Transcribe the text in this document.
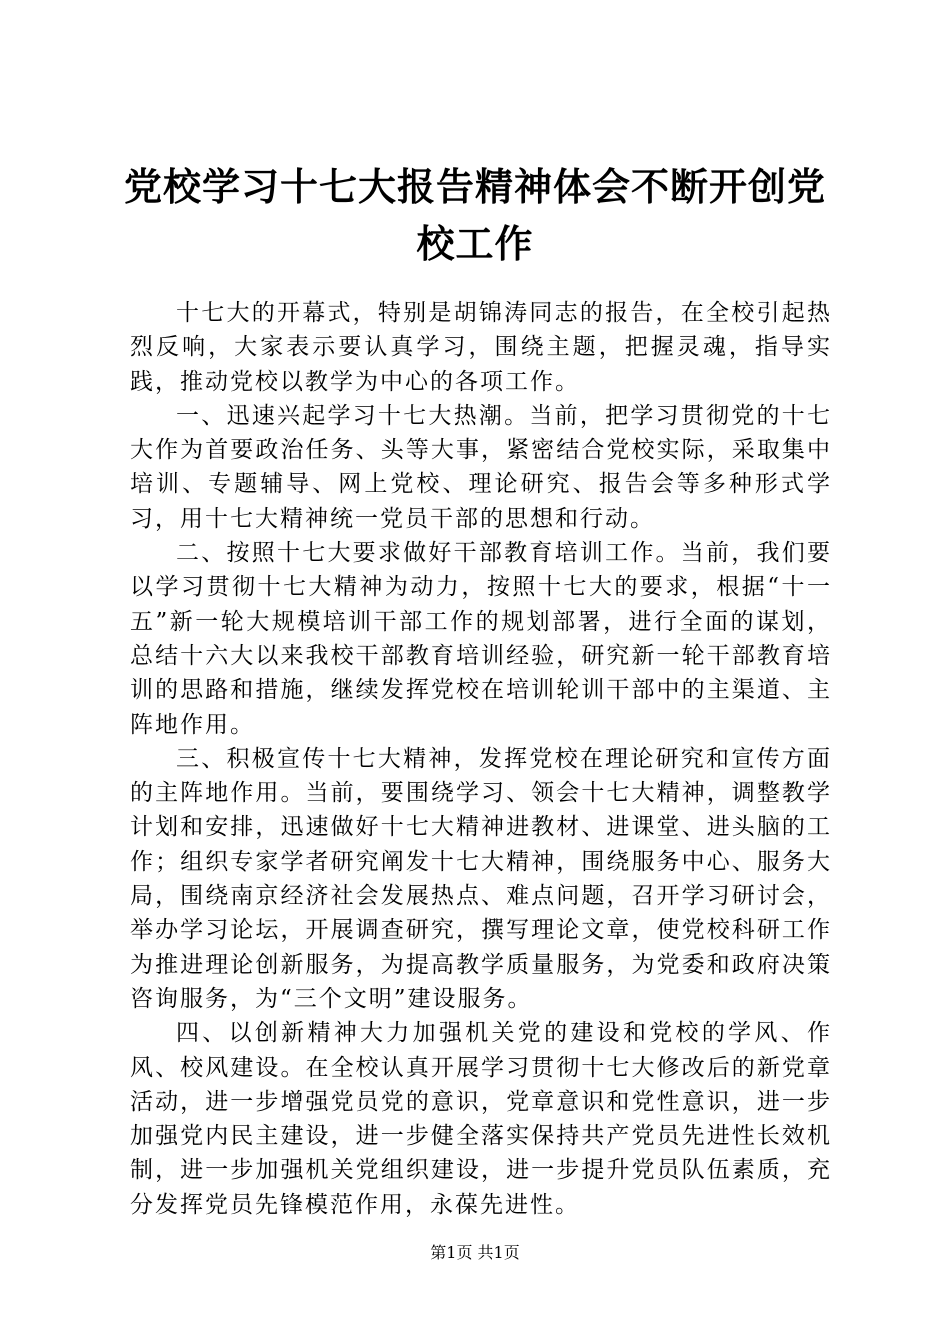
党校学习十七大报告精神体会不断开创党校工作

十七大的开幕式，特别是胡锦涛同志的报告，在全校引起热烈反响，大家表示要认真学习，围绕主题，把握灵魂，指导实践，推动党校以教学为中心的各项工作。

一、迅速兴起学习十七大热潮。当前，把学习贯彻党的十七大作为首要政治任务、头等大事，紧密结合党校实际，采取集中培训、专题辅导、网上党校、理论研究、报告会等多种形式学习，用十七大精神统一党员干部的思想和行动。

二、按照十七大要求做好干部教育培训工作。当前，我们要以学习贯彻十七大精神为动力，按照十七大的要求，根据“十一五”新一轮大规模培训干部工作的规划部署，进行全面的谋划，总结十六大以来我校干部教育培训经验，研究新一轮干部教育培训的思路和措施，继续发挥党校在培训轮训干部中的主渠道、主阵地作用。

三、积极宣传十七大精神，发挥党校在理论研究和宣传方面的主阵地作用。当前，要围绕学习、领会十七大精神，调整教学计划和安排，迅速做好十七大精神进教材、进课堂、进头脑的工作；组织专家学者研究阐发十七大精神，围绕服务中心、服务大局，围绕南京经济社会发展热点、难点问题，召开学习研讨会，举办学习论坛，开展调查研究，撰写理论文章，使党校科研工作为推进理论创新服务，为提高教学质量服务，为党委和政府决策咨询服务，为“三个文明”建设服务。

四、以创新精神大力加强机关党的建设和党校的学风、作风、校风建设。在全校认真开展学习贯彻十七大修改后的新党章活动，进一步增强党员党的意识，党章意识和党性意识，进一步加强党内民主建设，进一步健全落实保持共产党员先进性长效机制，进一步加强机关党组织建设，进一步提升党员队伍素质，充分发挥党员先锋模范作用，永葆先进性。

第1页 共1页
